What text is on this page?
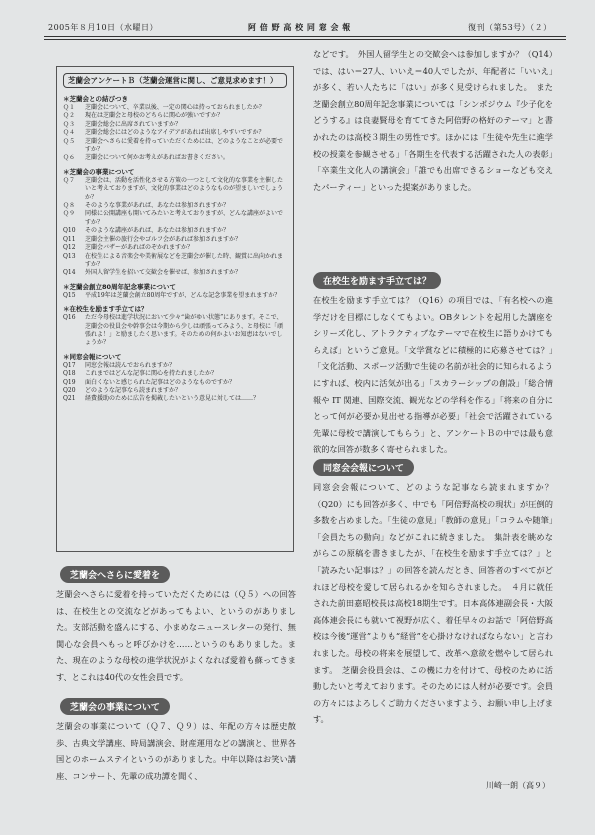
2005年８月10日（水曜日）	阿 倍 野 高 校 同 窓 会 報	復刊（第53号）（２）
芝蘭会アンケートＢ（芝蘭会運営に関し、ご意見求めます！）
＊芝蘭会との結びつき
Ｑ１	芝蘭会について、卒業以後、一定の関心は持っておられましたか？
Ｑ２	現在は芝蘭会と母校のどちらに関心が強いですか？
Ｑ３	芝蘭会総会に出席されていますか？
Ｑ４	芝蘭会総会にはどのようなアイデアがあれば出席しやすいですか？
Ｑ５	芝蘭会へさらに愛着を持っていただくためには、どのようなことが必要ですか？
Ｑ６	芝蘭会について何かお考えがあればお書きください。
＊芝蘭会の事業について
Ｑ７	芝蘭会は、活動を活性化させる方策の一つとして文化的な事業を主催したいと考えておりますが、文化的事業はどのようなものが望ましいでしょうか？
Ｑ８	そのような事業があれば、あなたは参加されますか？
Ｑ９	同様に公開講座も開いてみたいと考えておりますが、どんな講座がよいですか？
Q10	そのような講座があれば、あなたは参加されますか？
Q11	芝蘭会主催の旅行会やゴルフ会があれば参加されますか？
Q12	芝蘭会バザーがあればのぞかれますか？
Q13	在校生による音楽会や美術展などを芝蘭会が催した時、観賞に出向かれますか？
Q14	外国人留学生を招いて交歓会を催せば、参加されますか？
＊芝蘭会創立80周年記念事業について
Q15	平成19年は芝蘭会創立80周年ですが、どんな記念事業を望まれますか？
＊在校生を励ます手立ては？
Q16	ただ今母校は進学状況において少々“歯がゆい状態”にあります。そこで、芝蘭会の役員会や幹事会は今期から少しは頑張ってみよう、と母校に「頑張れよ！」と励ましたく思います。そのための何かよいお知恵はないでしょうか？
＊同窓会報について
Q17	同窓会報は読んでおられますか？
Q18	これまではどんな記事に関心を持たれましたか？
Q19	面白くないと感じられた記事はどのようなものですか？
Q20	どのような記事なら読まれますか？
Q21	経費援助のために広告を掲載したいという意見に対しては……？
芝蘭会へさらに愛着を
芝蘭会へさらに愛着を持っていただくためには（Ｑ５）への回答は、在校生との交流などがあってもよい、というのがありました。支部活動を盛んにする、小まめなニュースレターの発行、無関心な会員へもっと呼びかけを……というのもありました。また、現在のような母校の進学状況がよくなれば愛着も蘇ってきます、とこれは40代の女性会員です。
芝蘭会の事業について
芝蘭会の事業について（Ｑ７、Ｑ９）は、年配の方々は歴史散歩、古典文学講座、時局講演会、財産運用などの講演と、世界各国とのホームステイというのがありました。中年以降はお笑い講座、コンサート、先輩の成功譚を聞く、
などです。　外国人留学生との交歓会へは参加しますか？（Q14）では、はい＝27人、いいえ＝40人でしたが、年配者に「いいえ」が多く、若い人たちに「はい」が多く見受けられました。　また芝蘭会創立80周年記念事業については「シンポジウム『少子化をどうする』は良妻賢母を育ててきた阿倍野の格好のテーマ」と書かれたのは高校３期生の男性です。ほかには「生徒や先生に進学校の授業を参観させる」「各期生を代表する活躍された人の表彰」「卒業生文化人の講演会」「誰でも出席できるショーなども交えたパーティー」といった提案がありました。
在校生を励ます手立ては？
在校生を励ます手立ては？（Q16）の項目では、「有名校への進学だけを目標にしなくてもよい。OBタレントを起用した講座をシリーズ化し、アトラクティブなテーマで在校生に語りかけてもらえば」というご意見。「文学賞などに積極的に応募させては？」「文化活動、スポーツ活動で生徒の名前が社会的に知られるようにすれば、校内に活気が出る」「スカラーシップの創設」「総合情報や IT 関連、国際交流、観光などの学科を作る」「将来の自分にとって何が必要か見出せる指導が必要」「社会で活躍されている先輩に母校で講演してもらう」と、アンケートＢの中では最も意欲的な回答が数多く寄せられました。
同窓会会報について
同窓会会報について、どのような記事なら読まれますか？（Q20）にも回答が多く、中でも「阿倍野高校の現状」が圧倒的多数を占めました。「生徒の意見」「教師の意見」「コラムや随筆」「会員たちの動向」などがこれに続きました。　集計表を眺めながらこの原稿を書きましたが、「在校生を励ます手立ては？」と「読みたい記事は？」の回答を読んだとき、回答者のすべてがどれほど母校を愛して居られるかを知らされました。　４月に就任された前田嘉昭校長は高校18期生です。日本高体連副会長・大阪高体連会長にも就いて視野が広く、着任早々のお話で「阿倍野高校は今後“運営”よりも“経営”を心掛けなければならない」と言われました。母校の将来を展望して、改革へ意欲を燃やして居られます。　芝蘭会役員会は、この機に力を付けて、母校のために活動したいと考えております。そのためには人材が必要です。会員の方々にはよろしくご助力くださいますよう、お願い申し上げます。
川崎一朗（高９）
